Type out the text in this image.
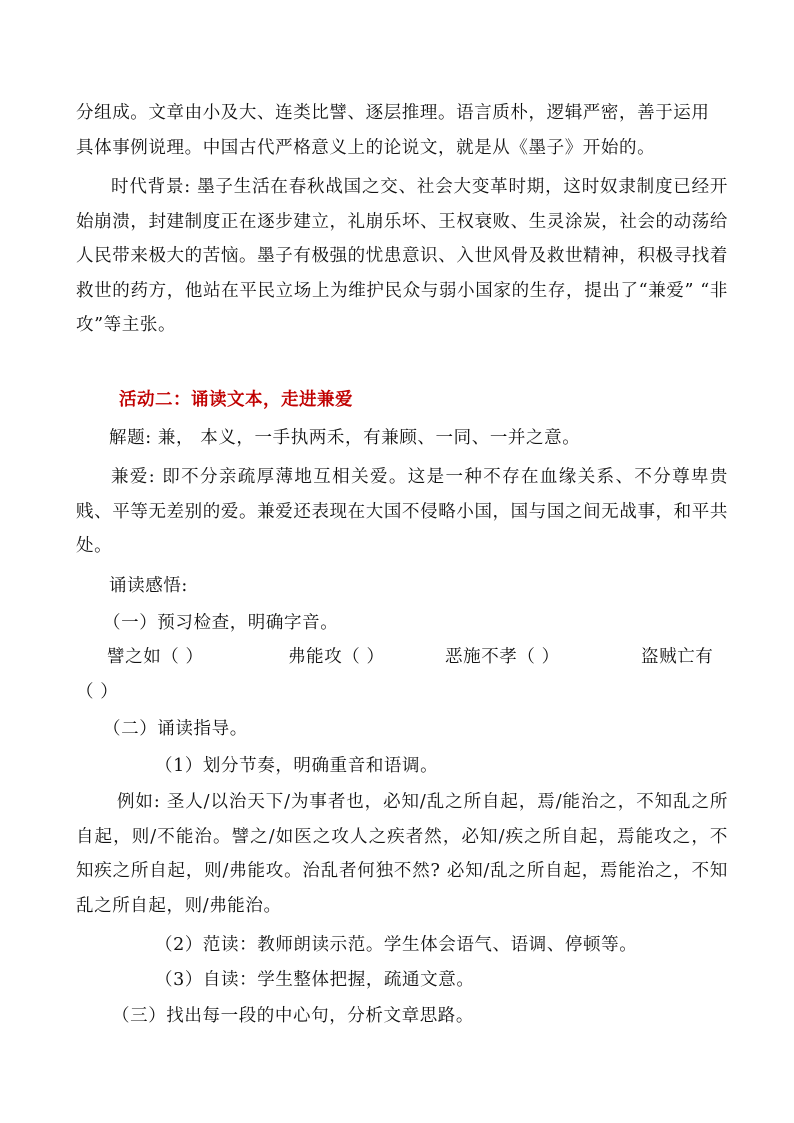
分组成。文章由小及大、连类比譬、逐层推理。语言质朴，逻辑严密，善于运用
具体事例说理。中国古代严格意义上的论说文，就是从《墨子》开始的。
时代背景: 墨子生活在春秋战国之交、社会大变革时期，这时奴隶制度已经开始崩溃，封建制度正在逐步建立，礼崩乐坏、王权衰败、生灵涂炭，社会的动荡给人民带来极大的苦恼。墨子有极强的忧患意识、入世风骨及救世精神，积极寻找着救世的药方，他站在平民立场上为维护民众与弱小国家的生存，提出了“兼爱” “非攻”等主张。
活动二：诵读文本，走进兼爱
解题: 兼， 本义，一手执两禾，有兼顾、一同、一并之意。
兼爱: 即不分亲疏厚薄地互相关爱。这是一种不存在血缘关系、不分尊卑贵贱、平等无差别的爱。兼爱还表现在大国不侵略小国，国与国之间无战事，和平共处。
诵读感悟:
（一）预习检查，明确字音。
譬之如（ ）	弗能攻（ ）	恶施不孝（ ）	盗贼亡有
（ ）
（二）诵读指导。
（1）划分节奏，明确重音和语调。
例如: 圣人/以治天下/为事者也，必知/乱之所自起，焉/能治之，不知乱之所自起，则/不能治。譬之/如医之攻人之疾者然，必知/疾之所自起，焉能攻之，不知疾之所自起，则/弗能攻。治乱者何独不然? 必知/乱之所自起，焉能治之，不知乱之所自起，则/弗能治。
（2）范读：教师朗读示范。学生体会语气、语调、停顿等。
（3）自读：学生整体把握，疏通文意。
（三）找出每一段的中心句，分析文章思路。
